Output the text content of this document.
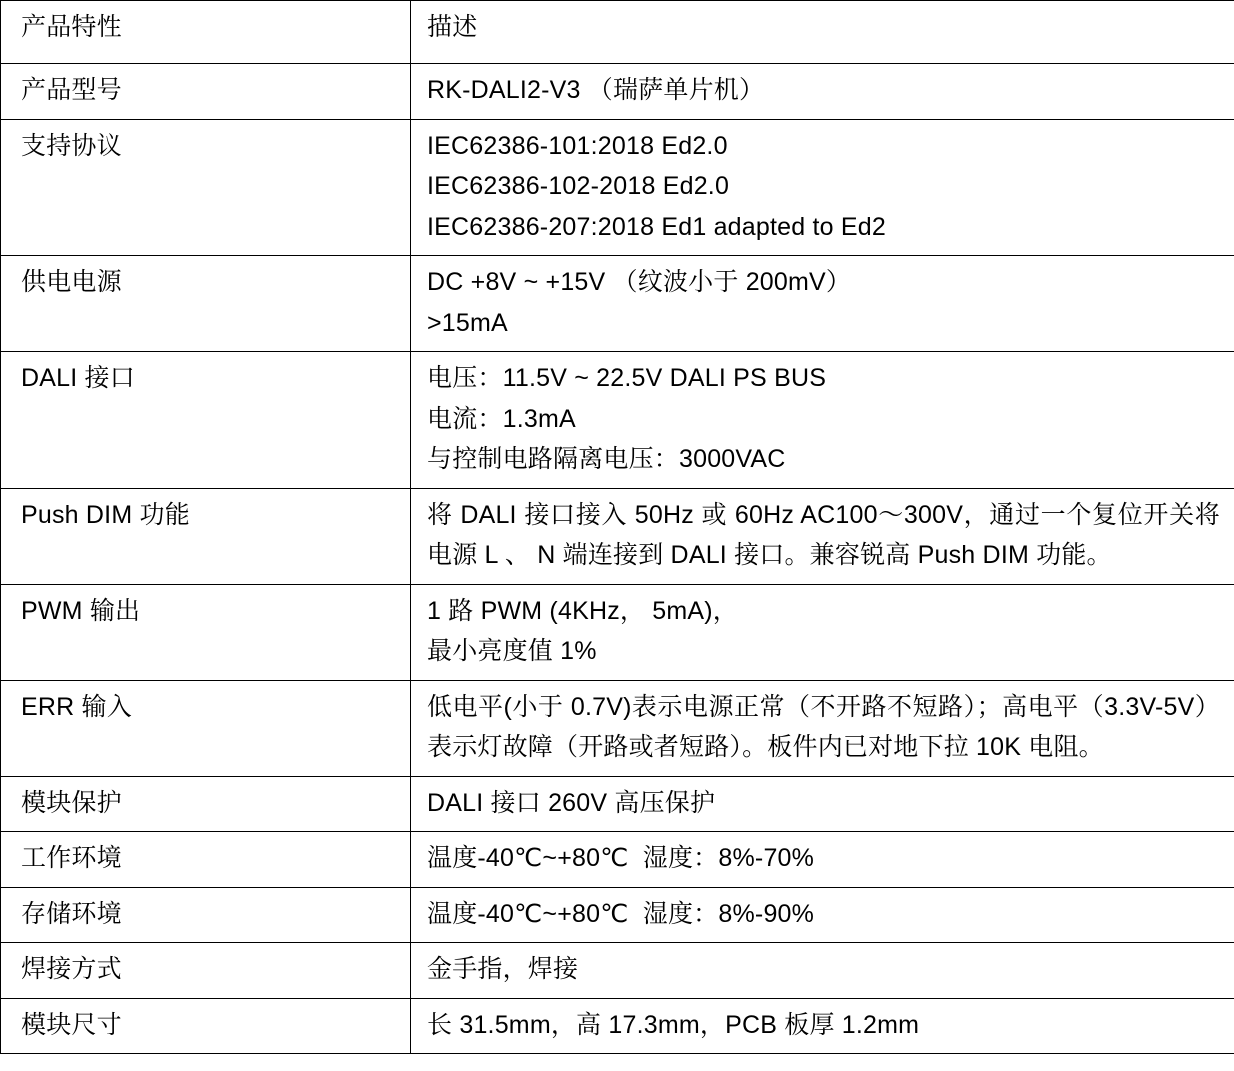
产品特性	描述
产品型号	RK-DALI2-V3 （瑞萨单片机）

支持协议	IEC62386-101:2018 Ed2.0
IEC62386-102-2018 Ed2.0
IEC62386-207:2018 Ed1 adapted to Ed2

供电电源	DC +8V ~ +15V （纹波小于 200mV）
>15mA

DALI 接口	电压：11.5V ~ 22.5V DALI PS BUS
电流：1.3mA
与控制电路隔离电压：3000VAC

Push DIM 功能	将 DALI 接口接入 50Hz 或 60Hz AC100～300V，通过一个复位开关将电源 L 、 N 端连接到 DALI 接口。兼容锐高 Push DIM 功能。

PWM 输出	1 路 PWM (4KHz， 5mA)，
最小亮度值 1%

ERR 输入	低电平(小于 0.7V)表示电源正常（不开路不短路）；高电平（3.3V-5V）表示灯故障（开路或者短路）。板件内已对地下拉 10K 电阻。

模块保护	DALI 接口 260V 高压保护

工作环境	温度-40℃~+80℃  湿度：8%-70%

存储环境	温度-40℃~+80℃  湿度：8%-90%

焊接方式	金手指，焊接

模块尺寸	长 31.5mm，高 17.3mm，PCB 板厚 1.2mm
